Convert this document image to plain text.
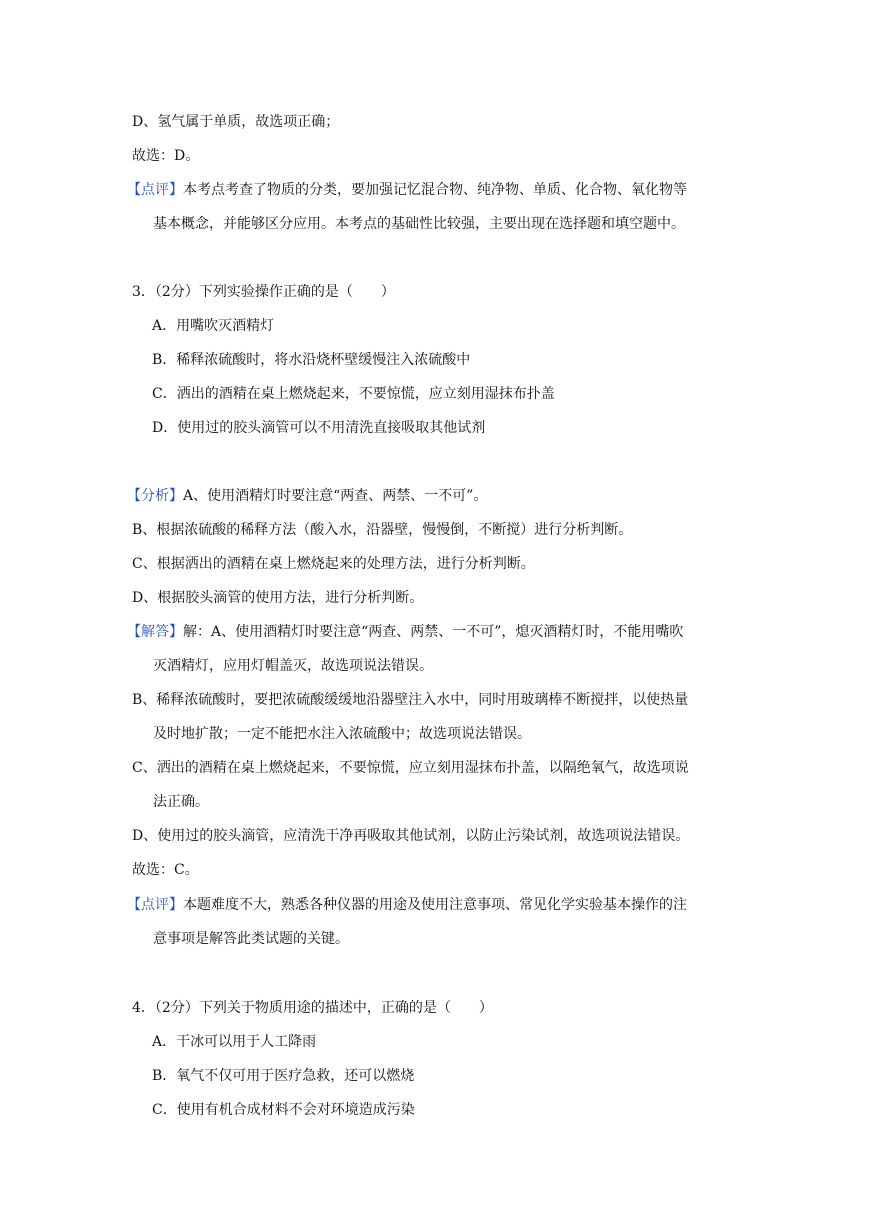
D、氢气属于单质，故选项正确；
故选：D。
【点评】本考点考查了物质的分类，要加强记忆混合物、纯净物、单质、化合物、氧化物等
基本概念，并能够区分应用。本考点的基础性比较强，主要出现在选择题和填空题中。
3．（2分）下列实验操作正确的是（　　）
A．用嘴吹灭酒精灯
B．稀释浓硫酸时，将水沿烧杯壁缓慢注入浓硫酸中
C．洒出的酒精在桌上燃烧起来，不要惊慌，应立刻用湿抹布扑盖
D．使用过的胶头滴管可以不用清洗直接吸取其他试剂
【分析】A、使用酒精灯时要注意“两查、两禁、一不可”。
B、根据浓硫酸的稀释方法（酸入水，沿器壁，慢慢倒，不断搅）进行分析判断。
C、根据洒出的酒精在桌上燃烧起来的处理方法，进行分析判断。
D、根据胶头滴管的使用方法，进行分析判断。
【解答】解：A、使用酒精灯时要注意“两查、两禁、一不可”，熄灭酒精灯时，不能用嘴吹
灭酒精灯，应用灯帽盖灭，故选项说法错误。
B、稀释浓硫酸时，要把浓硫酸缓缓地沿器壁注入水中，同时用玻璃棒不断搅拌，以使热量
及时地扩散；一定不能把水注入浓硫酸中；故选项说法错误。
C、洒出的酒精在桌上燃烧起来，不要惊慌，应立刻用湿抹布扑盖，以隔绝氧气，故选项说
法正确。
D、使用过的胶头滴管，应清洗干净再吸取其他试剂，以防止污染试剂，故选项说法错误。
故选：C。
【点评】本题难度不大，熟悉各种仪器的用途及使用注意事项、常见化学实验基本操作的注
意事项是解答此类试题的关键。
4．（2分）下列关于物质用途的描述中，正确的是（　　）
A．干冰可以用于人工降雨
B．氧气不仅可用于医疗急救，还可以燃烧
C．使用有机合成材料不会对环境造成污染
